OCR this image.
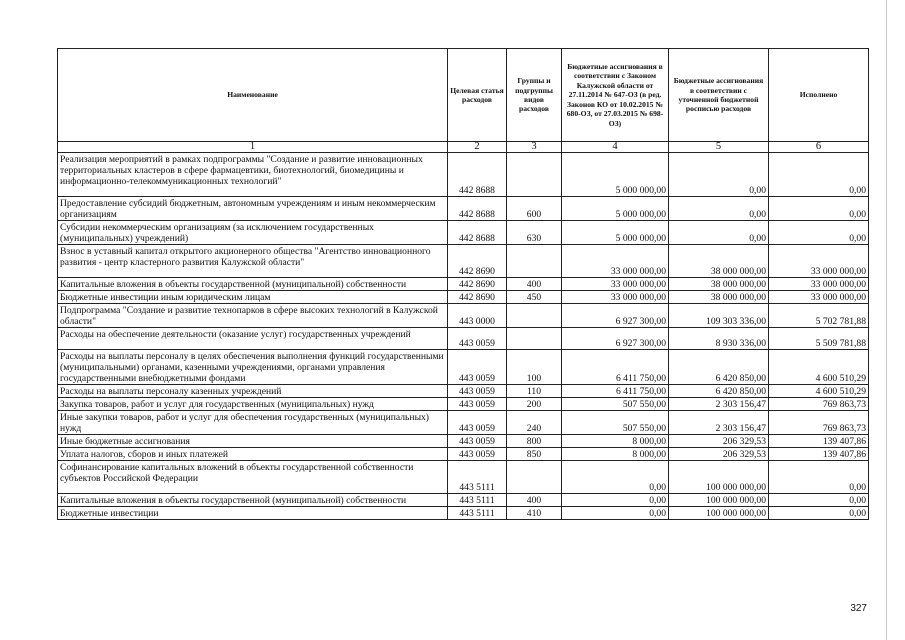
Наименование	Целевая статья расходов	Группы и подгруппы видов расходов	Бюджетные ассигнования в соответствии с Законом Калужской области от 27.11.2014 № 647-ОЗ (в ред. Законов КО от 10.02.2015 № 680-ОЗ, от 27.03.2015 № 698-ОЗ)	Бюджетные ассигнования в соответствии с уточненной бюджетной росписью расходов	Исполнено
1	2	3	4	5	6
Реализация мероприятий в рамках подпрограммы "Создание и развитие инновационных территориальных кластеров в сфере фармацевтики, биотехнологий, биомедицины и информационно-телекоммуникационных технологий"	442 8688		5 000 000,00	0,00	0,00
Предоставление субсидий бюджетным, автономным учреждениям и иным некоммерческим организациям	442 8688	600	5 000 000,00	0,00	0,00
Субсидии некоммерческим организациям (за исключением государственных (муниципальных) учреждений)	442 8688	630	5 000 000,00	0,00	0,00
Взнос в уставный капитал открытого акционерного общества "Агентство инновационного развития - центр кластерного развития Калужской области"	442 8690		33 000 000,00	38 000 000,00	33 000 000,00
Капитальные вложения в объекты государственной (муниципальной) собственности	442 8690	400	33 000 000,00	38 000 000,00	33 000 000,00
Бюджетные инвестиции иным юридическим лицам	442 8690	450	33 000 000,00	38 000 000,00	33 000 000,00
Подпрограмма "Создание и развитие технопарков в сфере высоких технологий в Калужской области"	443 0000		6 927 300,00	109 303 336,00	5 702 781,88
Расходы на обеспечение деятельности (оказание услуг) государственных учреждений	443 0059		6 927 300,00	8 930 336,00	5 509 781,88
Расходы на выплаты персоналу в целях обеспечения выполнения функций государственными (муниципальными) органами, казенными учреждениями, органами управления государственными внебюджетными фондами	443 0059	100	6 411 750,00	6 420 850,00	4 600 510,29
Расходы на выплаты персоналу казенных учреждений	443 0059	110	6 411 750,00	6 420 850,00	4 600 510,29
Закупка товаров, работ и услуг для государственных (муниципальных) нужд	443 0059	200	507 550,00	2 303 156,47	769 863,73
Иные закупки товаров, работ и услуг для обеспечения государственных (муниципальных) нужд	443 0059	240	507 550,00	2 303 156,47	769 863,73
Иные бюджетные ассигнования	443 0059	800	8 000,00	206 329,53	139 407,86
Уплата налогов, сборов и иных платежей	443 0059	850	8 000,00	206 329,53	139 407,86
Софинансирование капитальных вложений в объекты государственной собственности субъектов Российской Федерации	443 5111		0,00	100 000 000,00	0,00
Капитальные вложения в объекты государственной (муниципальной) собственности	443 5111	400	0,00	100 000 000,00	0,00
Бюджетные инвестиции	443 5111	410	0,00	100 000 000,00	0,00
327
